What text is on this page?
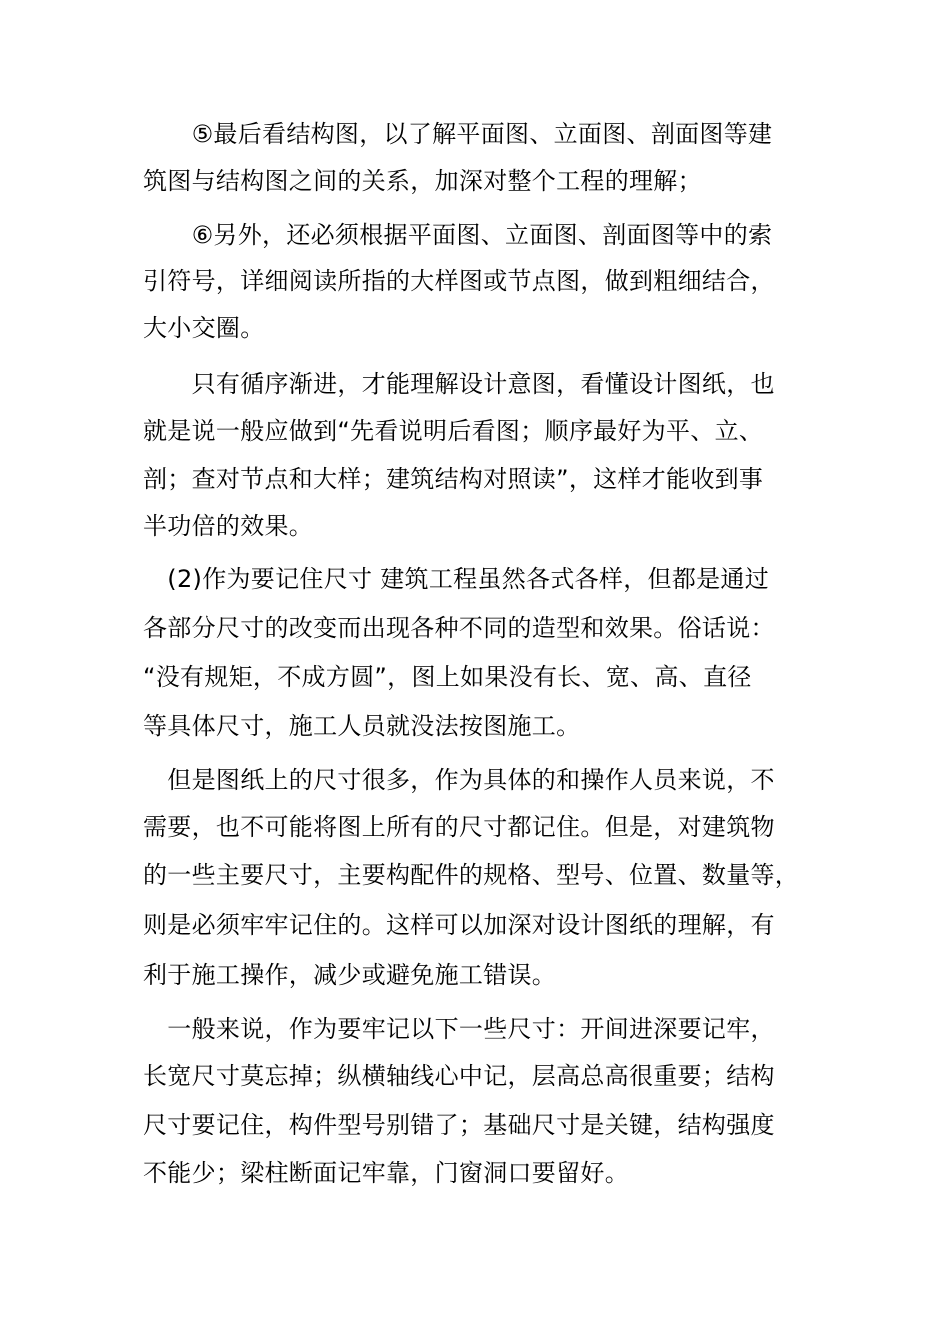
　　⑤最后看结构图，以了解平面图、立面图、剖面图等建
筑图与结构图之间的关系，加深对整个工程的理解；
　　⑥另外，还必须根据平面图、立面图、剖面图等中的索
引符号，详细阅读所指的大样图或节点图，做到粗细结合，
大小交圈。
　　只有循序渐进，才能理解设计意图，看懂设计图纸，也
就是说一般应做到“先看说明后看图；顺序最好为平、立、
剖；查对节点和大样；建筑结构对照读”，这样才能收到事
半功倍的效果。
　(2)作为要记住尺寸 建筑工程虽然各式各样，但都是通过
各部分尺寸的改变而出现各种不同的造型和效果。俗话说：
“没有规矩，不成方圆”，图上如果没有长、宽、高、直径
等具体尺寸，施工人员就没法按图施工。
　但是图纸上的尺寸很多，作为具体的和操作人员来说，不
需要，也不可能将图上所有的尺寸都记住。但是，对建筑物
的一些主要尺寸，主要构配件的规格、型号、位置、数量等，
则是必须牢牢记住的。这样可以加深对设计图纸的理解，有
利于施工操作，减少或避免施工错误。
　一般来说，作为要牢记以下一些尺寸：开间进深要记牢，
长宽尺寸莫忘掉；纵横轴线心中记，层高总高很重要；结构
尺寸要记住，构件型号别错了；基础尺寸是关键，结构强度
不能少；梁柱断面记牢靠，门窗洞口要留好。
